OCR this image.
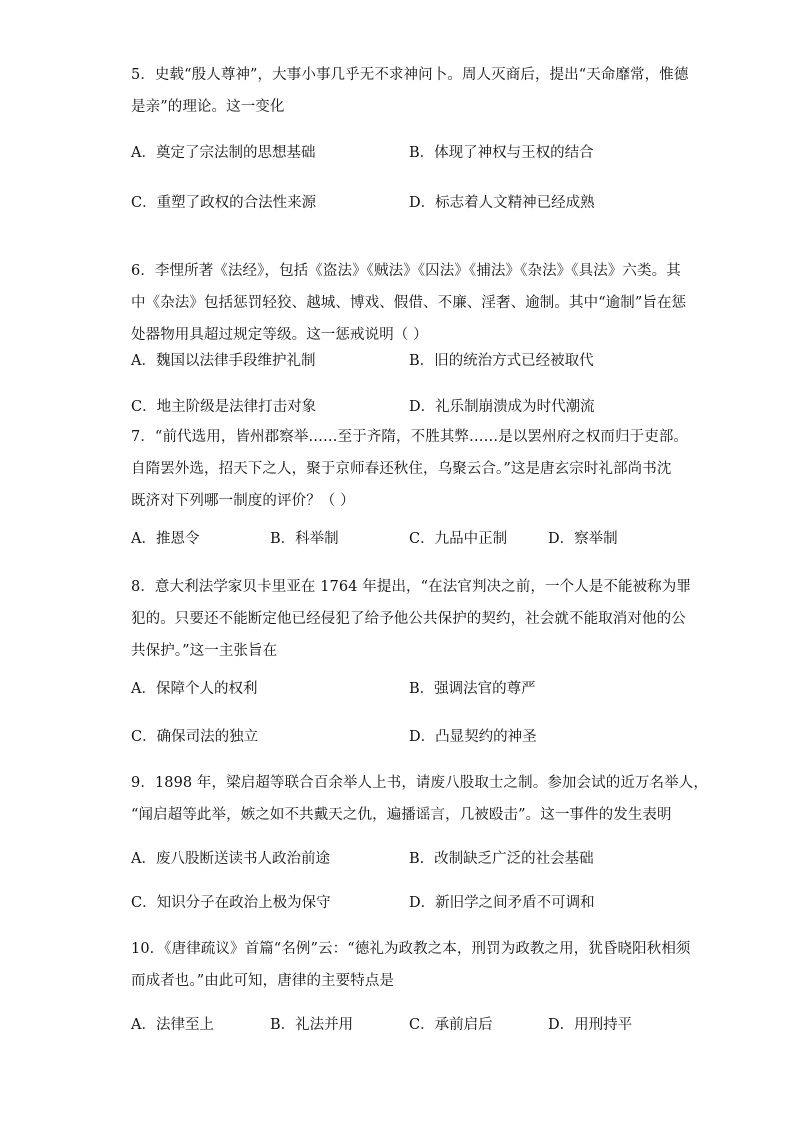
5．史载“殷人尊神”，大事小事几乎无不求神问卜。周人灭商后，提出“天命靡常，惟德
是亲”的理论。这一变化
A．奠定了宗法制的思想基础	B．体现了神权与王权的结合
C．重塑了政权的合法性来源	D．标志着人文精神已经成熟
6．李悝所著《法经》，包括《盗法》《贼法》《囚法》《捕法》《杂法》《具法》六类。其
中《杂法》包括惩罚轻狡、越城、博戏、假借、不廉、淫奢、逾制。其中“逾制”旨在惩
处器物用具超过规定等级。这一惩戒说明（ ）
A．魏国以法律手段维护礼制	B．旧的统治方式已经被取代
C．地主阶级是法律打击对象	D．礼乐制崩溃成为时代潮流
7．“前代选用，皆州郡察举……至于齐隋，不胜其弊……是以罢州府之权而归于吏部。
自隋罢外选，招天下之人，聚于京师春还秋住，乌聚云合。”这是唐玄宗时礼部尚书沈
既济对下列哪一制度的评价？（ ）
A．推恩令	B．科举制	C．九品中正制	D．察举制
8．意大利法学家贝卡里亚在 1764 年提出，“在法官判决之前，一个人是不能被称为罪
犯的。只要还不能断定他已经侵犯了给予他公共保护的契约，社会就不能取消对他的公
共保护。”这一主张旨在
A．保障个人的权利	B．强调法官的尊严
C．确保司法的独立	D．凸显契约的神圣
9．1898 年，梁启超等联合百余举人上书，请废八股取士之制。参加会试的近万名举人，
“闻启超等此举，嫉之如不共戴天之仇，遍播谣言，几被殴击”。这一事件的发生表明
A．废八股断送读书人政治前途	B．改制缺乏广泛的社会基础
C．知识分子在政治上极为保守	D．新旧学之间矛盾不可调和
10．《唐律疏议》首篇“名例”云：“德礼为政教之本，刑罚为政教之用，犹昏晓阳秋相须
而成者也。”由此可知，唐律的主要特点是
A．法律至上	B．礼法并用	C．承前启后	D．用刑持平
